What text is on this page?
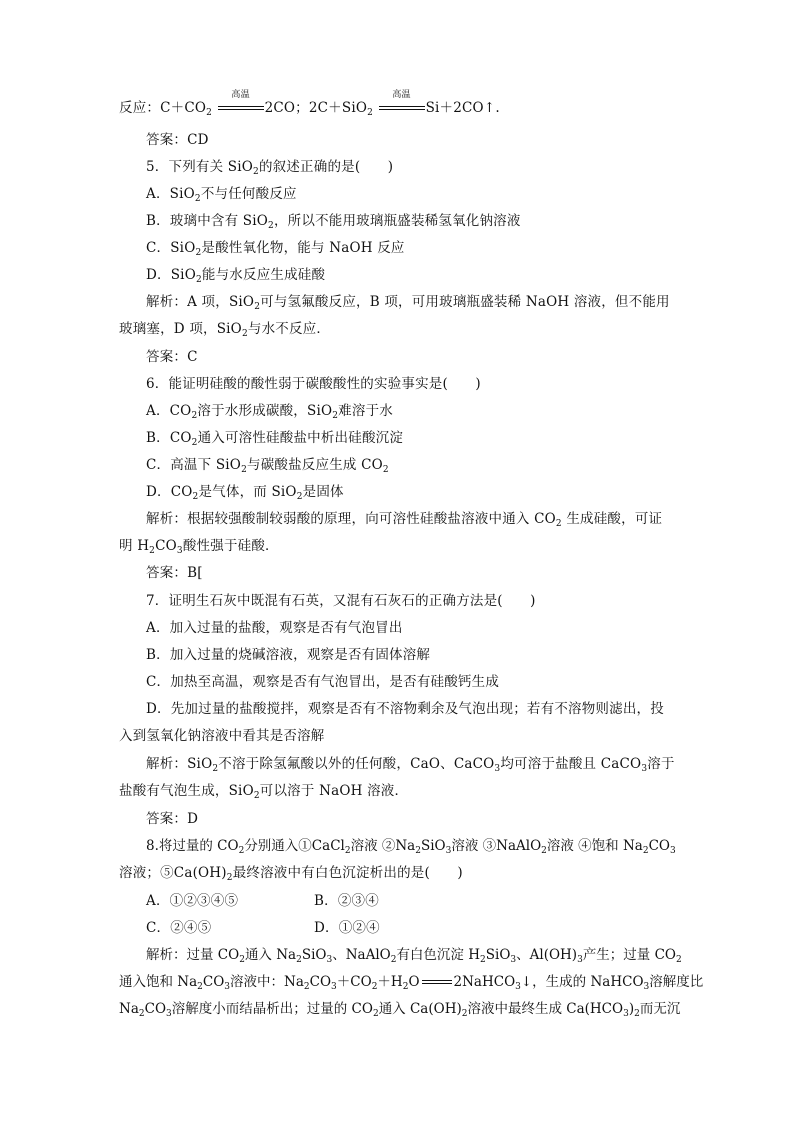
反应：$C+CO_2$
高温
2CO；2C＋SiO$_2$
高温
Si＋2CO↑.
答案：CD
5．下列有关 SiO$_2$的叙述正确的是(　　)
A．SiO$_2$不与任何酸反应
B．玻璃中含有 SiO$_2$，所以不能用玻璃瓶盛装稀氢氧化钠溶液
C．SiO$_2$是酸性氧化物，能与 NaOH 反应
D．SiO$_2$能与水反应生成硅酸
解析：A 项，SiO$_2$可与氢氟酸反应，B 项，可用玻璃瓶盛装稀 NaOH 溶液，但不能用
玻璃塞，D 项，SiO$_2$与水不反应．
答案：C
6．能证明硅酸的酸性弱于碳酸酸性的实验事实是(　　)
A．$CO_2$溶于水形成碳酸，SiO$_2$难溶于水
B．$CO_2$通入可溶性硅酸盐中析出硅酸沉淀
C．高温下 SiO$_2$与碳酸盐反应生成 $CO_2$
D．$CO_2$是气体，而 SiO$_2$是固体
解析：根据较强酸制较弱酸的原理，向可溶性硅酸盐溶液中通入 $CO_2$ 生成硅酸，可证
明 $H_2CO_3$酸性强于硅酸．
答案：B[
7．证明生石灰中既混有石英，又混有石灰石的正确方法是(　　)
A．加入过量的盐酸，观察是否有气泡冒出
B．加入过量的烧碱溶液，观察是否有固体溶解
C．加热至高温，观察是否有气泡冒出，是否有硅酸钙生成
D．先加过量的盐酸搅拌，观察是否有不溶物剩余及气泡出现；若有不溶物则滤出，投
入到氢氧化钠溶液中看其是否溶解
解析：SiO$_2$不溶于除氢氟酸以外的任何酸，CaO、CaCO$_3$均可溶于盐酸且 CaCO$_3$溶于
盐酸有气泡生成，SiO$_2$可以溶于 NaOH 溶液．
答案：D
8.将过量的 $CO_2$分别通入①CaCl$_2$溶液 $②Na_2SiO_3$溶液 ③NaAlO$_2$溶液 ④饱和 $Na_2CO_3$
溶液；$⑤Ca(OH)_2$最终溶液中有白色沉淀析出的是(　　)
A．①②③④⑤	B．②③④
C．②④⑤	D．①②④
解析：过量 $CO_2$通入 $Na_2SiO_3$、NaAlO$_2$有白色沉淀 $H_2SiO_3$、$Al(OH)_3$产生；过量 $CO_2$
通入饱和 $Na_2CO_3$溶液中：$Na_2CO_3+CO_2+H_2O$	2NaHCO$_3$↓，生成的 NaHCO$_3$溶解度比
$Na_2CO_3$溶解度小而结晶析出；过量的 $CO_2$通入 $Ca(OH)_2$溶液中最终生成 $Ca(HCO_3)_2$而无沉
